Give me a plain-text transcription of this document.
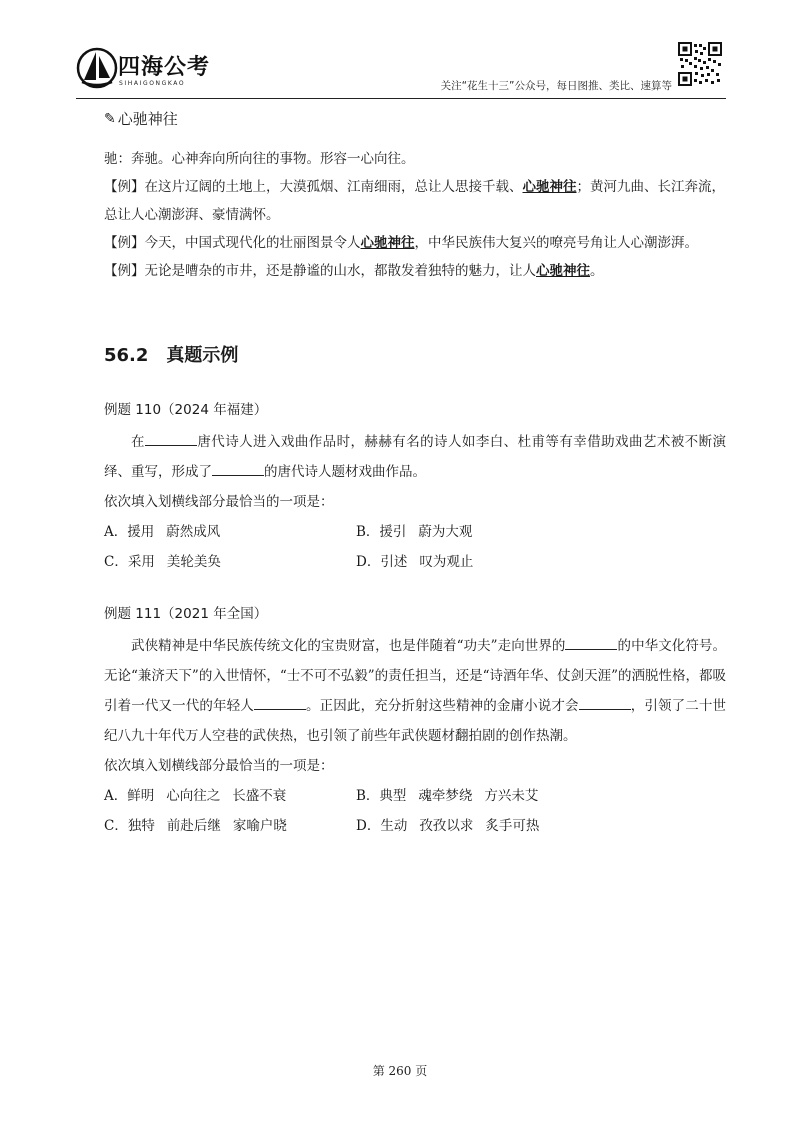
四海公考
SIHAIGONGKAO	关注“花生十三”公众号，每日图推、类比、速算等
✎ 心驰神往

驰：奔驰。心神奔向所向往的事物。形容一心向往。

【例】在这片辽阔的土地上，大漠孤烟、江南细雨，总让人思接千载、心驰神往；黄河九曲、长江奔流，总让人心潮澎湃、豪情满怀。

【例】今天，中国式现代化的壮丽图景令人心驰神往，中华民族伟大复兴的嘹亮号角让人心潮澎湃。

【例】无论是嘈杂的市井，还是静谧的山水，都散发着独特的魅力，让人心驰神往。

56.2 真题示例
例题 110（2024 年福建）

在	唐代诗人进入戏曲作品时，赫赫有名的诗人如李白、杜甫等有幸借助戏曲艺术被不断演绎、重写，形成了	的唐代诗人题材戏曲作品。

依次填入划横线部分最恰当的一项是：
A．援用 蔚然成风	B．援引 蔚为大观
C．采用 美轮美奂	D．引述 叹为观止
例题 111（2021 年全国）

武侠精神是中华民族传统文化的宝贵财富，也是伴随着“功夫”走向世界的	的中华文化符号。无论“兼济天下”的入世情怀，“士不可不弘毅”的责任担当，还是“诗酒年华、仗剑天涯”的洒脱性格，都吸引着一代又一代的年轻人	。正因此，充分折射这些精神的金庸小说才会	，引领了二十世纪八九十年代万人空巷的武侠热，也引领了前些年武侠题材翻拍剧的创作热潮。

依次填入划横线部分最恰当的一项是：
A．鲜明 心向往之 长盛不衰	B．典型 魂牵梦绕 方兴未艾
C．独特 前赴后继 家喻户晓	D．生动 孜孜以求 炙手可热
第 260 页
